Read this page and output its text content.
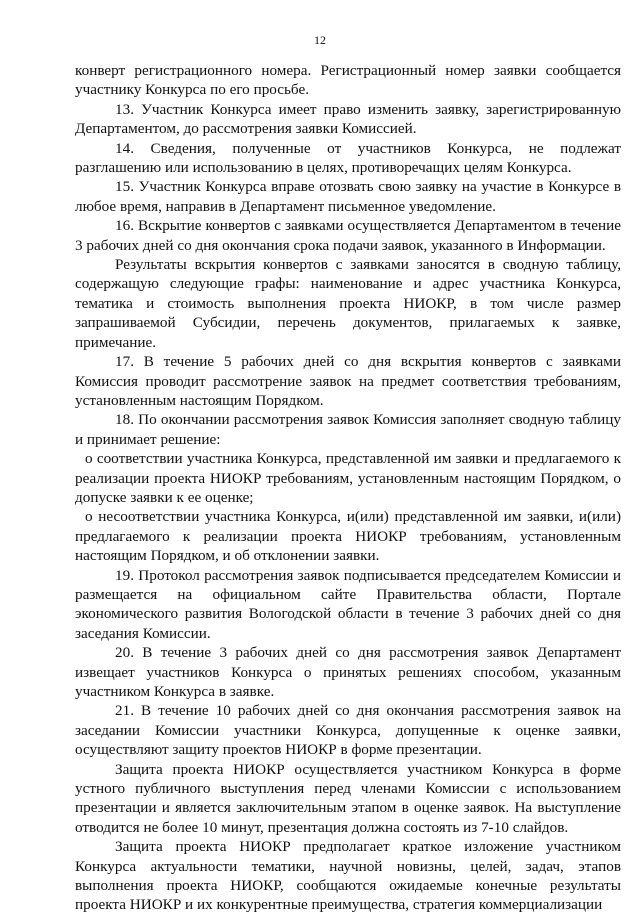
12

конверт регистрационного номера. Регистрационный номер заявки сообщается участнику Конкурса по его просьбе.

13. Участник Конкурса имеет право изменить заявку, зарегистрированную Департаментом, до рассмотрения заявки Комиссией.

14. Сведения, полученные от участников Конкурса, не подлежат разглашению или использованию в целях, противоречащих целям Конкурса.

15. Участник Конкурса вправе отозвать свою заявку на участие в Конкурсе в любое время, направив в Департамент письменное уведомление.

16. Вскрытие конвертов с заявками осуществляется Департаментом в течение 3 рабочих дней со дня окончания срока подачи заявок, указанного в Информации.

Результаты вскрытия конвертов с заявками заносятся в сводную таблицу, содержащую следующие графы: наименование и адрес участника Конкурса, тематика и стоимость выполнения проекта НИОКР, в том числе размер запрашиваемой Субсидии, перечень документов, прилагаемых к заявке, примечание.

17. В течение 5 рабочих дней со дня вскрытия конвертов с заявками Комиссия проводит рассмотрение заявок на предмет соответствия требованиям, установленным настоящим Порядком.

18. По окончании рассмотрения заявок Комиссия заполняет сводную таблицу и принимает решение:

о соответствии участника Конкурса, представленной им заявки и предлагаемого к реализации проекта НИОКР требованиям, установленным настоящим Порядком, о допуске заявки к ее оценке;

о несоответствии участника Конкурса, и(или) представленной им заявки, и(или) предлагаемого к реализации проекта НИОКР требованиям, установленным настоящим Порядком, и об отклонении заявки.

19. Протокол рассмотрения заявок подписывается председателем Комиссии и размещается на официальном сайте Правительства области, Портале экономического развития Вологодской области в течение 3 рабочих дней со дня заседания Комиссии.

20. В течение 3 рабочих дней со дня рассмотрения заявок Департамент извещает участников Конкурса о принятых решениях способом, указанным участником Конкурса в заявке.

21. В течение 10 рабочих дней со дня окончания рассмотрения заявок на заседании Комиссии участники Конкурса, допущенные к оценке заявки, осуществляют защиту проектов НИОКР в форме презентации.

Защита проекта НИОКР осуществляется участником Конкурса в форме устного публичного выступления перед членами Комиссии с использованием презентации и является заключительным этапом в оценке заявок. На выступление отводится не более 10 минут, презентация должна состоять из 7-10 слайдов.

Защита проекта НИОКР предполагает краткое изложение участником Конкурса актуальности тематики, научной новизны, целей, задач, этапов выполнения проекта НИОКР, сообщаются ожидаемые конечные результаты проекта НИОКР и их конкурентные преимущества, стратегия коммерциализации
